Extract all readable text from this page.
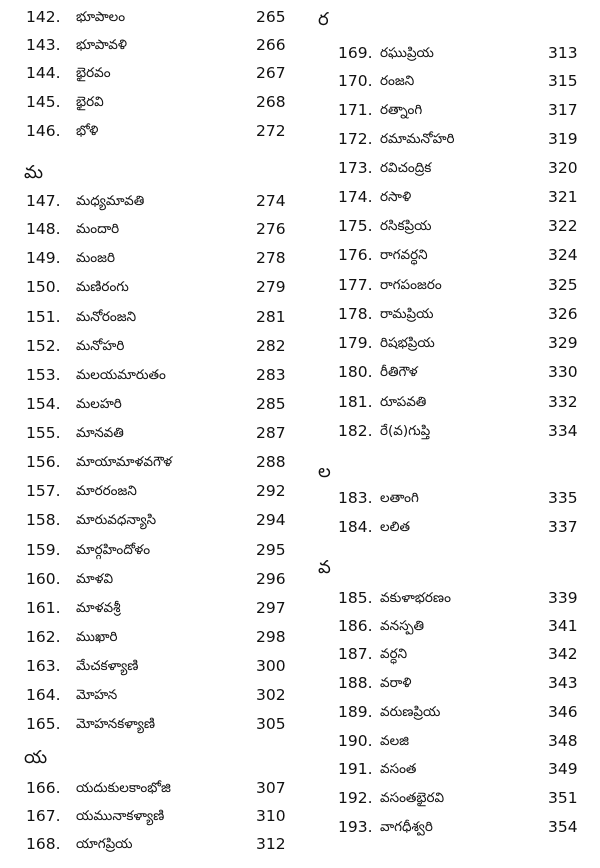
142. భూపాలం	265
143. భూపావళి	266
144. భైరవం	267
145. భైరవి	268
146. భోళి	272
మ
147. మధ్యమావతి	274
148. మందారి	276
149. మంజరి	278
150. మణిరంగు	279
151. మనోరంజని	281
152. మనోహరి	282
153. మలయమారుతం	283
154. మలహరి	285
155. మానవతి	287
156. మాయామాళవగౌళ	288
157. మారరంజని	292
158. మారువధన్యాసి	294
159. మార్గహిందోళం	295
160. మాళవి	296
161. మాళవశ్రీ	297
162. ముఖారి	298
163. మేచకళ్యాణి	300
164. మోహన	302
165. మోహనకళ్యాణి	305
య
166. యదుకులకాంభోజి	307
167. యమునాకళ్యాణి	310
168. యాగప్రియ	312
ర
169. రఘుప్రియ	313
170. రంజని	315
171. రత్నాంగి	317
172. రమామనోహరి	319
173. రవిచంద్రిక	320
174. రసాళి	321
175. రసికప్రియ	322
176. రాగవర్ధని	324
177. రాగపంజరం	325
178. రామప్రియ	326
179. రిషభప్రియ	329
180. రీతిగౌళ	330
181. రూపవతి	332
182. రే(వ)గుప్తి	334
ల
183. లతాంగి	335
184. లలిత	337
వ
185. వకుళాభరణం	339
186. వనస్పతి	341
187. వర్ధని	342
188. వరాళి	343
189. వరుణప్రియ	346
190. వలజి	348
191. వసంత	349
192. వసంతభైరవి	351
193. వాగధీశ్వరి	354
